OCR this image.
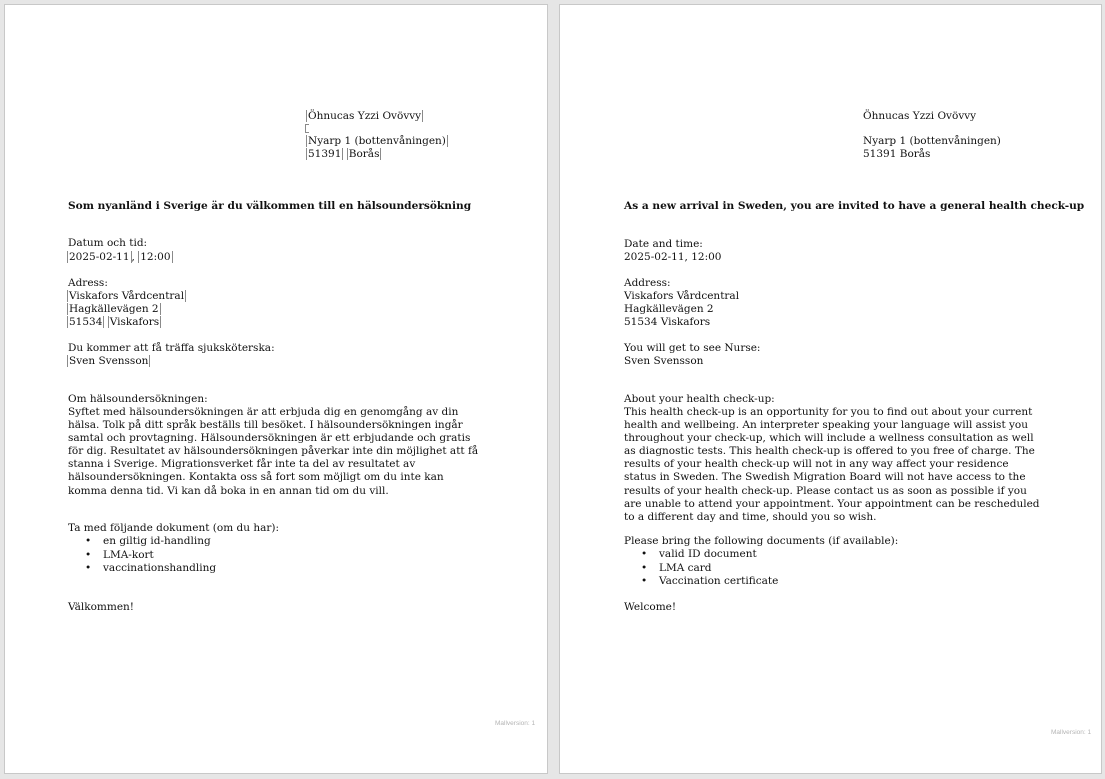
Öhnucas Yzzi Ovövvy
Nyarp 1 (bottenvåningen)
51391 Borås
Som nyanländ i Sverige är du välkommen till en hälsoundersökning
Datum och tid:
2025-02-11 , 12:00
Adress:
Viskafors Vårdcentral
Hagkällevägen 2
51534 Viskafors
Du kommer att få träffa sjuksköterska:
Sven Svensson
Om hälsoundersökningen:
Syftet med hälsoundersökningen är att erbjuda dig en genomgång av din hälsa. Tolk på ditt språk beställs till besöket. I hälsoundersökningen ingår samtal och provtagning. Hälsoundersökningen är ett erbjudande och gratis för dig. Resultatet av hälsoundersökningen påverkar inte din möjlighet att få stanna i Sverige. Migrationsverket får inte ta del av resultatet av hälsoundersökningen. Kontakta oss så fort som möjligt om du inte kan komma denna tid. Vi kan då boka in en annan tid om du vill.
Ta med följande dokument (om du har):
• en giltig id-handling
• LMA-kort
• vaccinationshandling
Välkommen!
Mallversion: 1
Öhnucas Yzzi Ovövvy
Nyarp 1 (bottenvåningen)
51391 Borås
As a new arrival in Sweden, you are invited to have a general health check-up
Date and time:
2025-02-11, 12:00
Address:
Viskafors Vårdcentral
Hagkällevägen 2
51534 Viskafors
You will get to see Nurse:
Sven Svensson
About your health check-up:
This health check-up is an opportunity for you to find out about your current health and wellbeing. An interpreter speaking your language will assist you throughout your check-up, which will include a wellness consultation as well as diagnostic tests. This health check-up is offered to you free of charge. The results of your health check-up will not in any way affect your residence status in Sweden. The Swedish Migration Board will not have access to the results of your health check-up. Please contact us as soon as possible if you are unable to attend your appointment. Your appointment can be rescheduled to a different day and time, should you so wish.
Please bring the following documents (if available):
• valid ID document
• LMA card
• Vaccination certificate
Welcome!
Mallversion: 1
